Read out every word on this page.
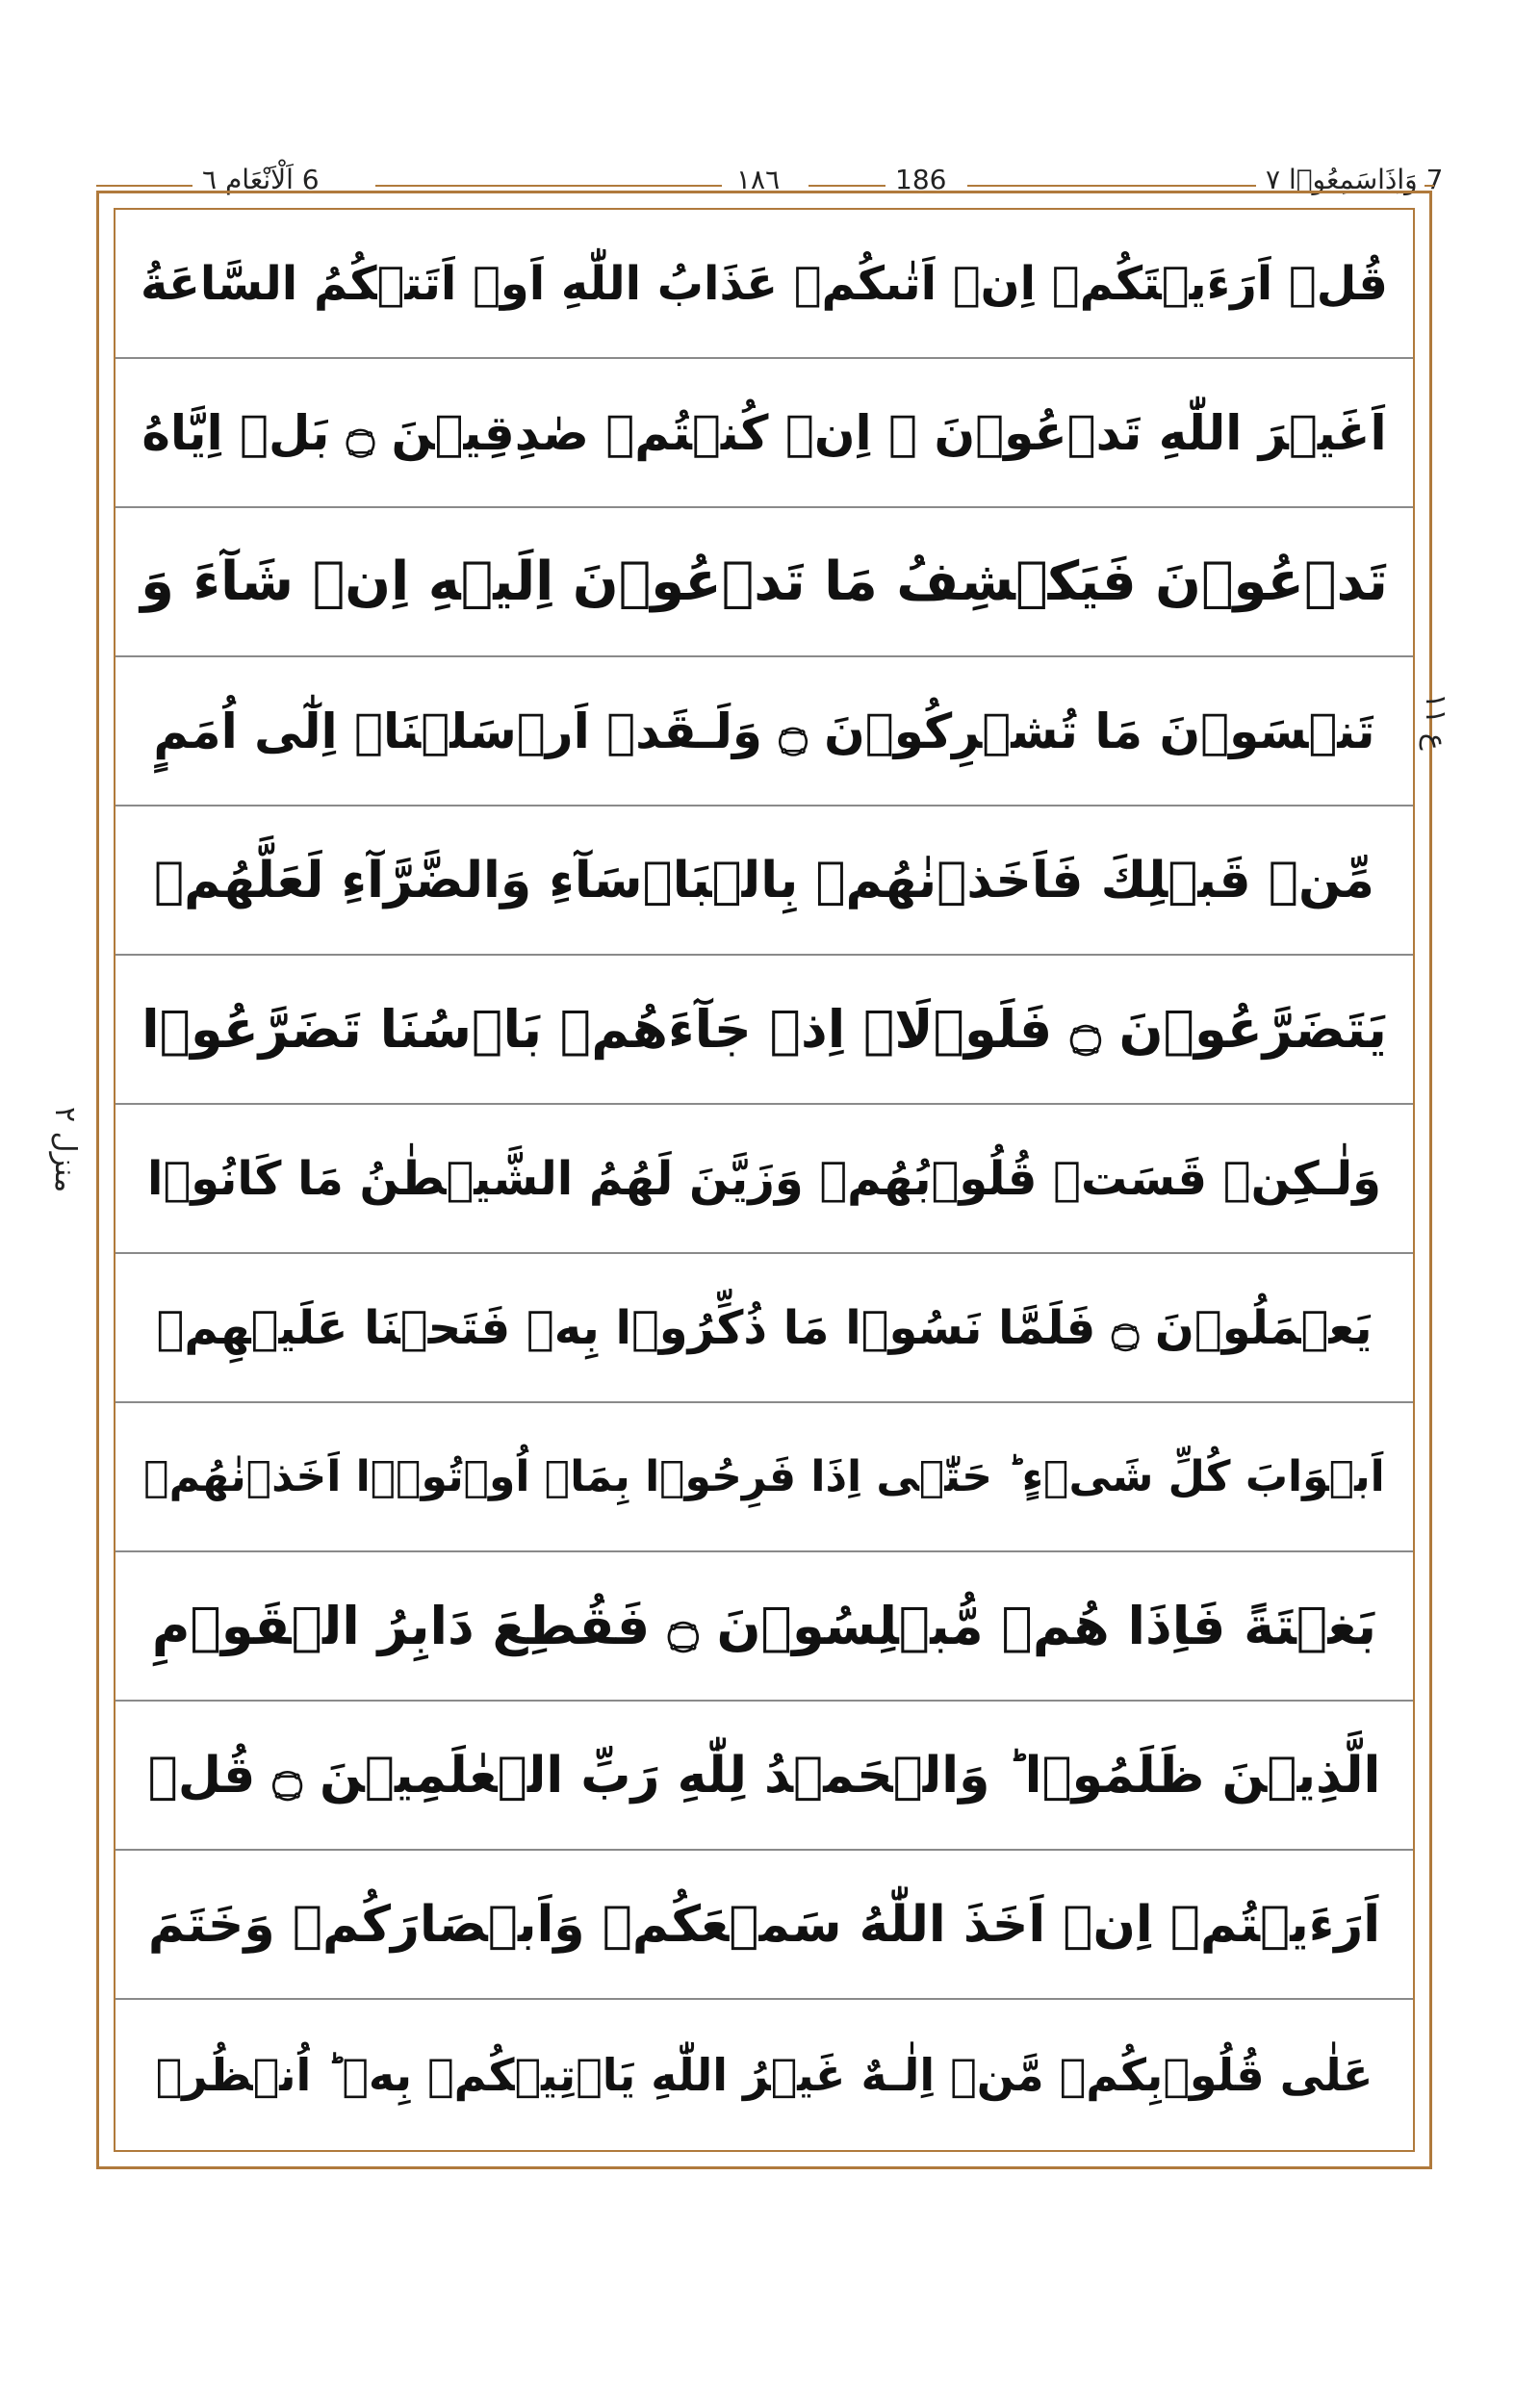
6 اَلْاَنْعَام ٦	١٨٦	186	7 وَاِذَاسَمِعُوۡا ٧
قُلۡ اَرَءَيۡتَكُمۡ اِنۡ اَتٰٮكُمۡ عَذَابُ اللّٰهِ اَوۡ اَتَتۡكُمُ السَّاعَةُ
اَغَيۡرَ اللّٰهِ تَدۡعُوۡنَ‌ ۚ اِنۡ كُنۡتُمۡ صٰدِقِيۡنَ ۝ بَلۡ اِيَّاهُ
تَدۡعُوۡنَ فَيَكۡشِفُ مَا تَدۡعُوۡنَ اِلَيۡهِ اِنۡ شَآءَ وَ
تَنۡسَوۡنَ مَا تُشۡرِكُوۡنَ ۝ وَلَـقَدۡ اَرۡسَلۡنَاۤ اِلٰٓى اُمَمٍ
مِّنۡ قَبۡلِكَ فَاَخَذۡنٰهُمۡ بِالۡبَاۡسَآءِ وَالضَّرَّآءِ لَعَلَّهُمۡ
يَتَضَرَّعُوۡنَ ۝ فَلَوۡلَاۤ اِذۡ جَآءَهُمۡ بَاۡسُنَا تَضَرَّعُوۡا
وَلٰـكِنۡ قَسَتۡ قُلُوۡبُهُمۡ وَزَيَّنَ لَهُمُ الشَّيۡطٰنُ مَا كَانُوۡا
يَعۡمَلُوۡنَ ۝ فَلَمَّا نَسُوۡا مَا ذُكِّرُوۡا بِهٖ فَتَحۡنَا عَلَيۡهِمۡ
اَبۡوَابَ كُلِّ شَىۡءٍ ؕ حَتّٰۤى اِذَا فَرِحُوۡا بِمَاۤ اُوۡتُوۡۤا اَخَذۡنٰهُمۡ
بَغۡتَةً فَاِذَا هُمۡ مُّبۡلِسُوۡنَ ۝ فَقُطِعَ دَابِرُ الۡقَوۡمِ
الَّذِيۡنَ ظَلَمُوۡا ؕ وَالۡحَمۡدُ لِلّٰهِ رَبِّ الۡعٰلَمِيۡنَ ۝ قُلۡ
اَرَءَيۡتُمۡ اِنۡ اَخَذَ اللّٰهُ سَمۡعَكُمۡ وَاَبۡصَارَكُمۡ وَخَتَمَ
عَلٰى قُلُوۡبِكُمۡ مَّنۡ اِلٰـهٌ غَيۡرُ اللّٰهِ يَاۡتِيۡكُمۡ بِهٖ ؕ اُنۡظُرۡ
ع ١١
منزل ٢
